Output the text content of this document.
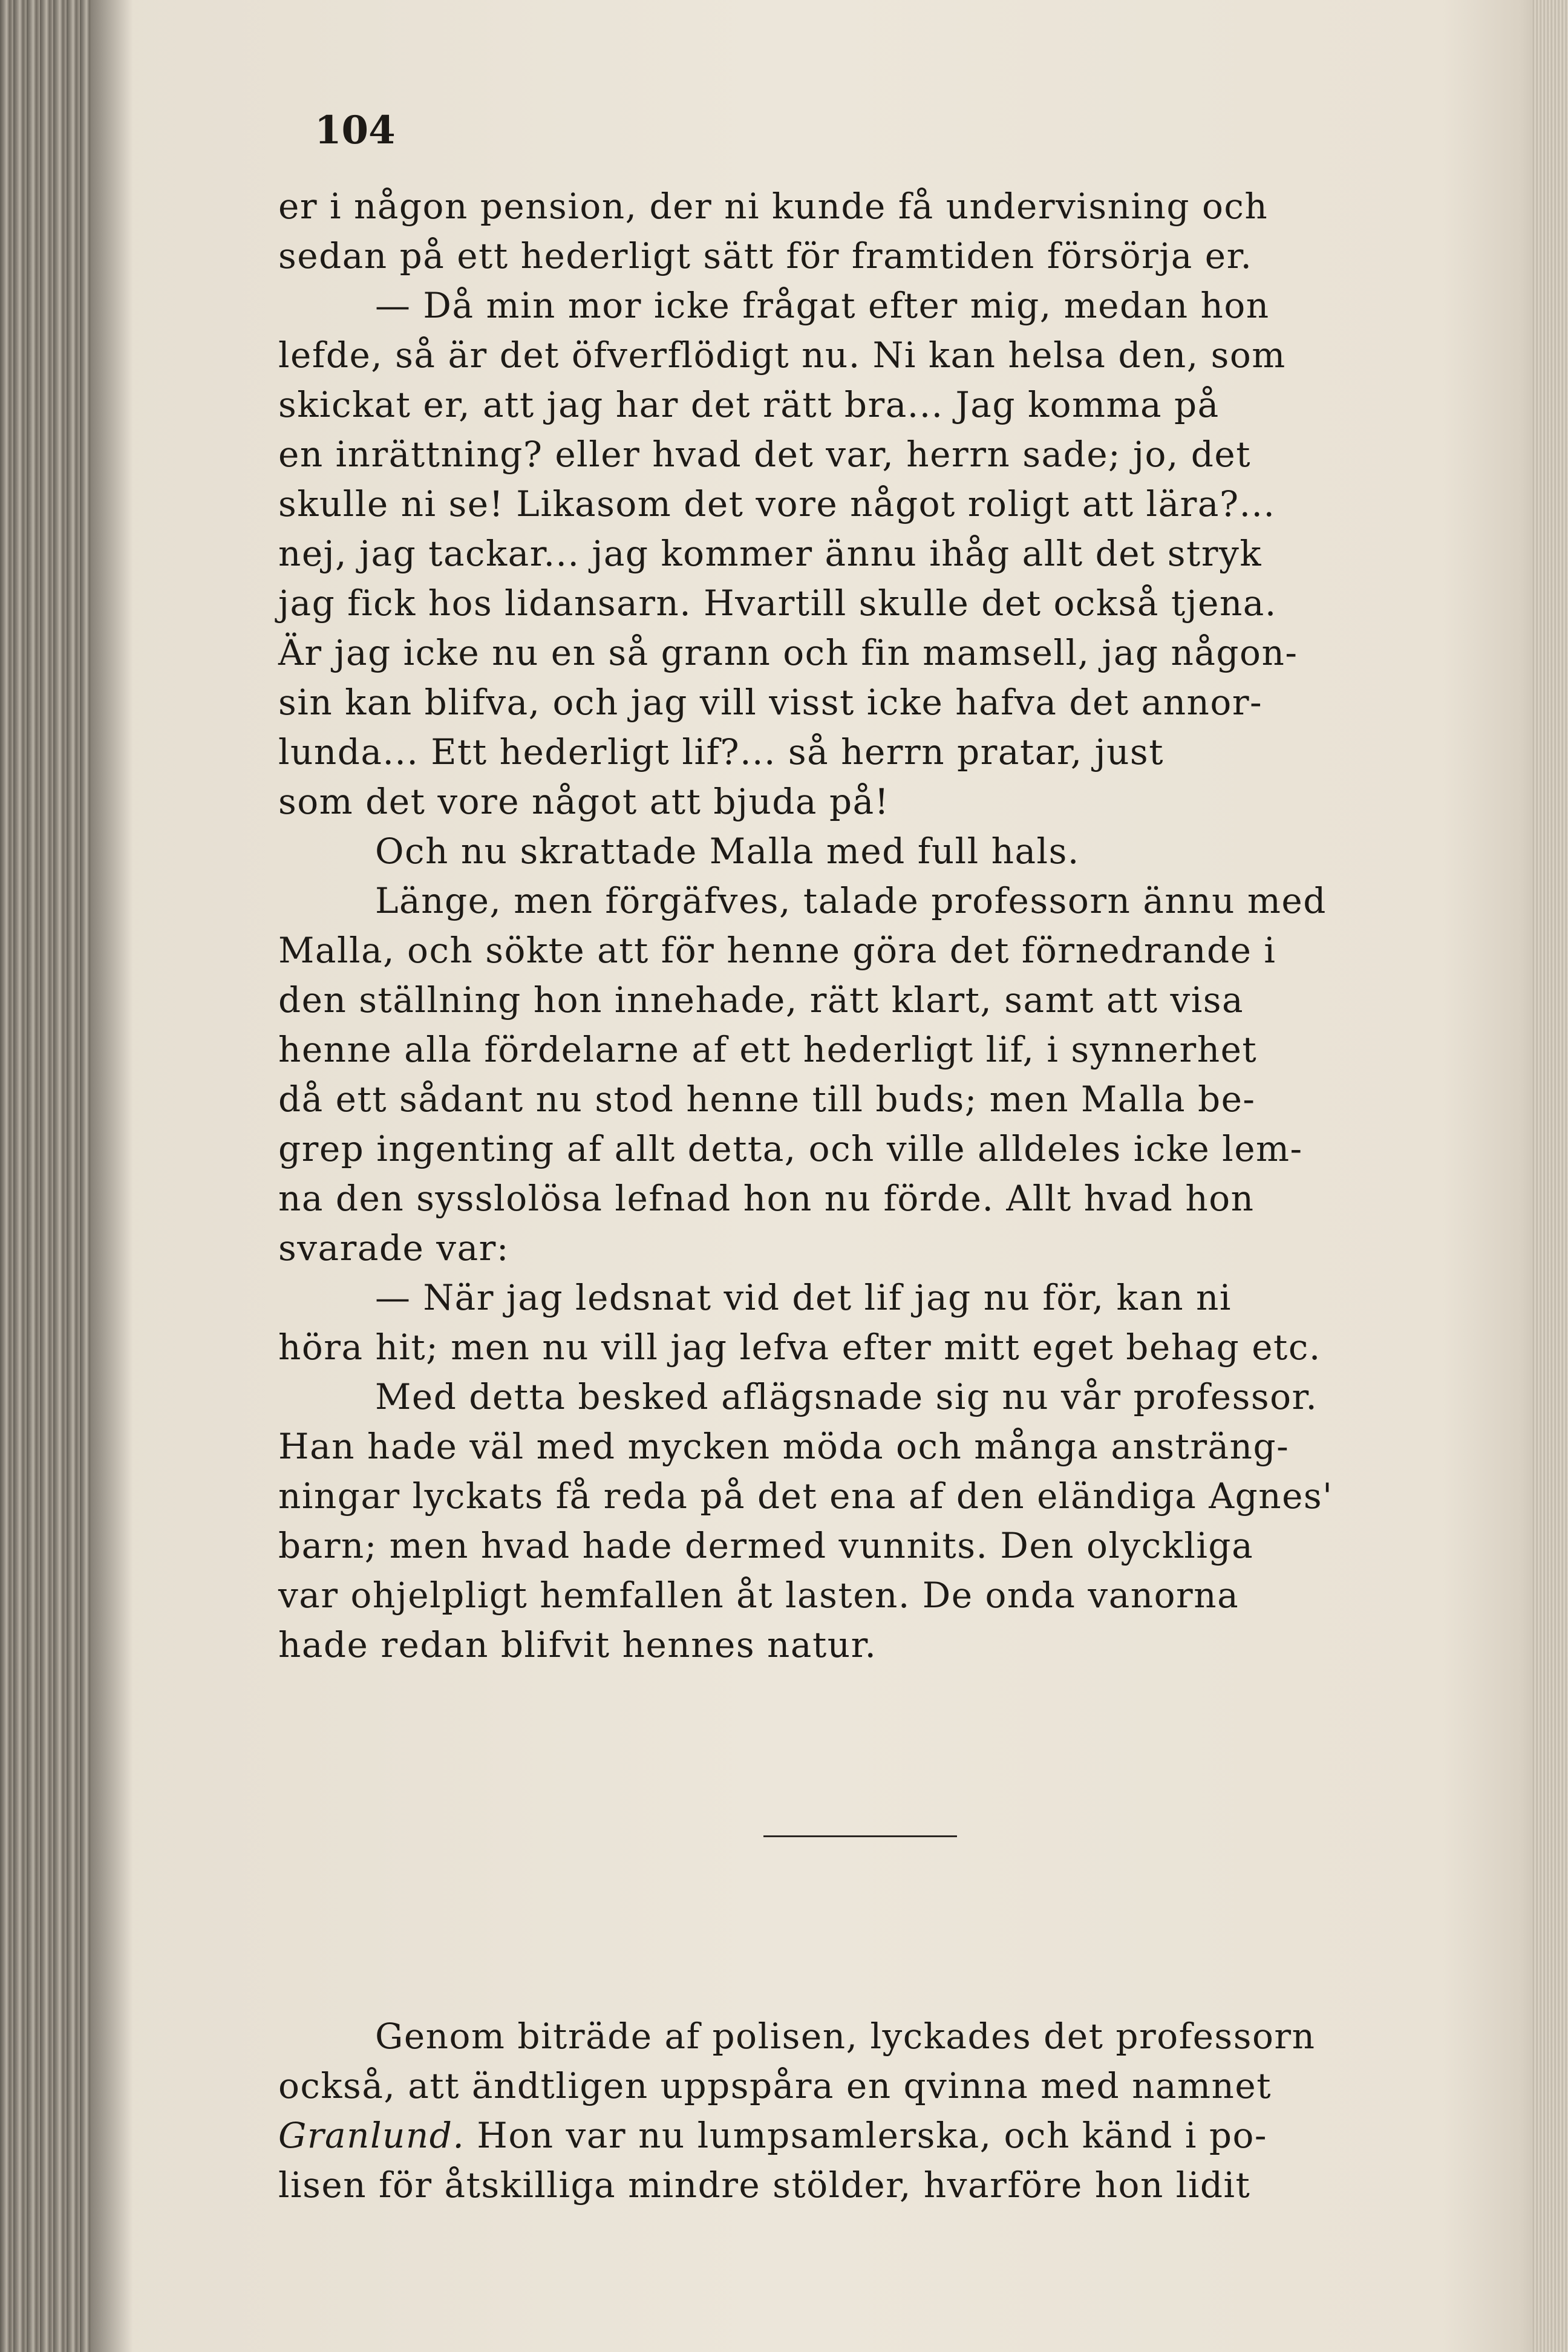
104
er i någon pension, der ni kunde få undervisning och
sedan på ett hederligt sätt för framtiden försörja er.
— Då min mor icke frågat efter mig, medan hon
lefde, så är det öfverflödigt nu. Ni kan helsa den, som
skickat er, att jag har det rätt bra... Jag komma på
en inrättning? eller hvad det var, herrn sade; jo, det
skulle ni se! Likasom det vore något roligt att lära?...
nej, jag tackar... jag kommer ännu ihåg allt det stryk
jag fick hos lidansarn. Hvartill skulle det också tjena.
Är jag icke nu en så grann och fin mamsell, jag någon-
sin kan blifva, och jag vill visst icke hafva det annor-
lunda... Ett hederligt lif?... så herrn pratar, just
som det vore något att bjuda på!
Och nu skrattade Malla med full hals.
Länge, men förgäfves, talade professorn ännu med
Malla, och sökte att för henne göra det förnedrande i
den ställning hon innehade, rätt klart, samt att visa
henne alla fördelarne af ett hederligt lif, i synnerhet
då ett sådant nu stod henne till buds; men Malla be-
grep ingenting af allt detta, och ville alldeles icke lem-
na den sysslolösa lefnad hon nu förde. Allt hvad hon
svarade var:
— När jag ledsnat vid det lif jag nu för, kan ni
höra hit; men nu vill jag lefva efter mitt eget behag etc.
Med detta besked aflägsnade sig nu vår professor.
Han hade väl med mycken möda och många ansträng-
ningar lyckats få reda på det ena af den eländiga Agnes'
barn; men hvad hade dermed vunnits. Den olyckliga
var ohjelpligt hemfallen åt lasten. De onda vanorna
hade redan blifvit hennes natur.
Genom biträde af polisen, lyckades det professorn
också, att ändtligen uppspåra en qvinna med namnet
Granlund. Hon var nu lumpsamlerska, och känd i po-
lisen för åtskilliga mindre stölder, hvarföre hon lidit
